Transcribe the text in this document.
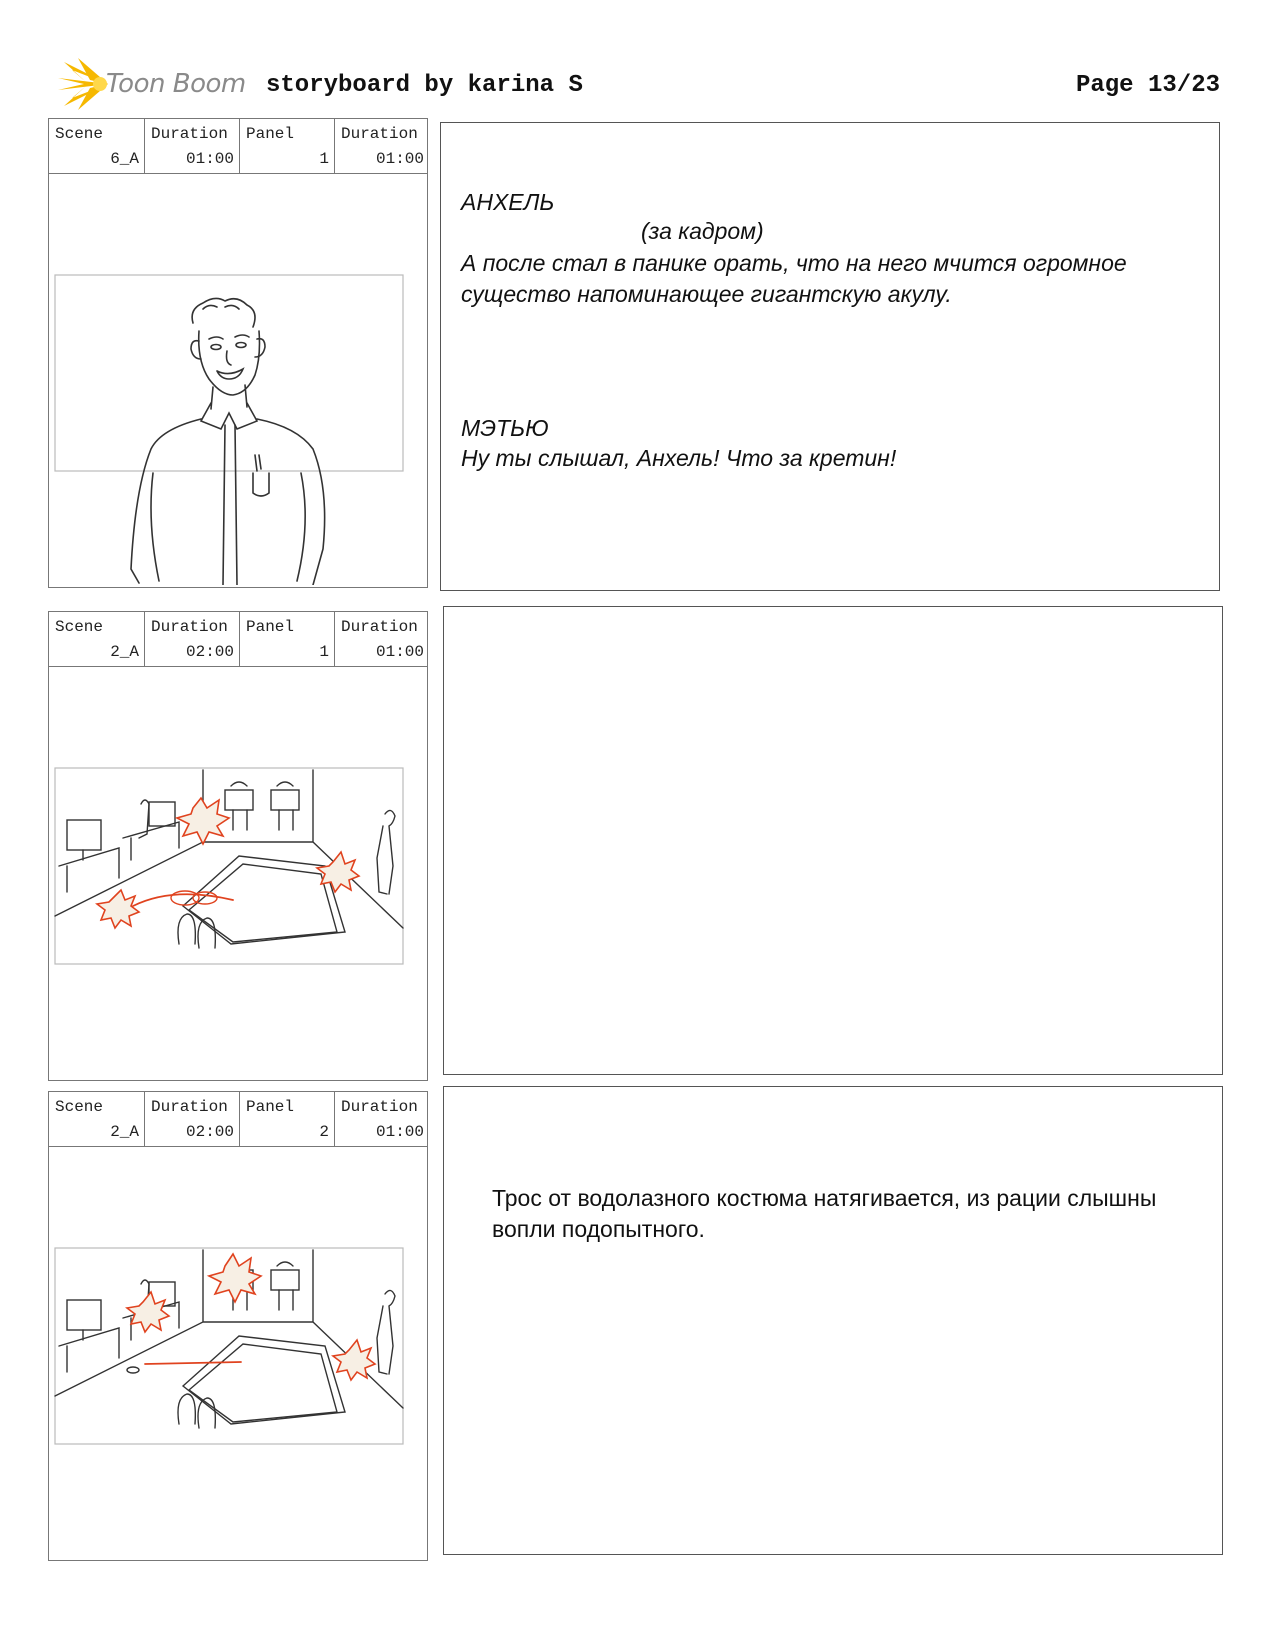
Toon Boom storyboard by karina S	Page 13/23
Scene
6_A
Duration
01:00
Panel
1
Duration
01:00
АНХЕЛЬ
(за кадром)
А после стал в панике орать, что на него мчится огромное существо напоминающее гигантскую акулу.
МЭТЬЮ
Ну ты слышал, Анхель! Что за кретин!
Scene
2_A
Duration
02:00
Panel
1
Duration
01:00
Scene
2_A
Duration
02:00
Panel
2
Duration
01:00
Трос от водолазного костюма натягивается, из рации слышны вопли подопытного.
